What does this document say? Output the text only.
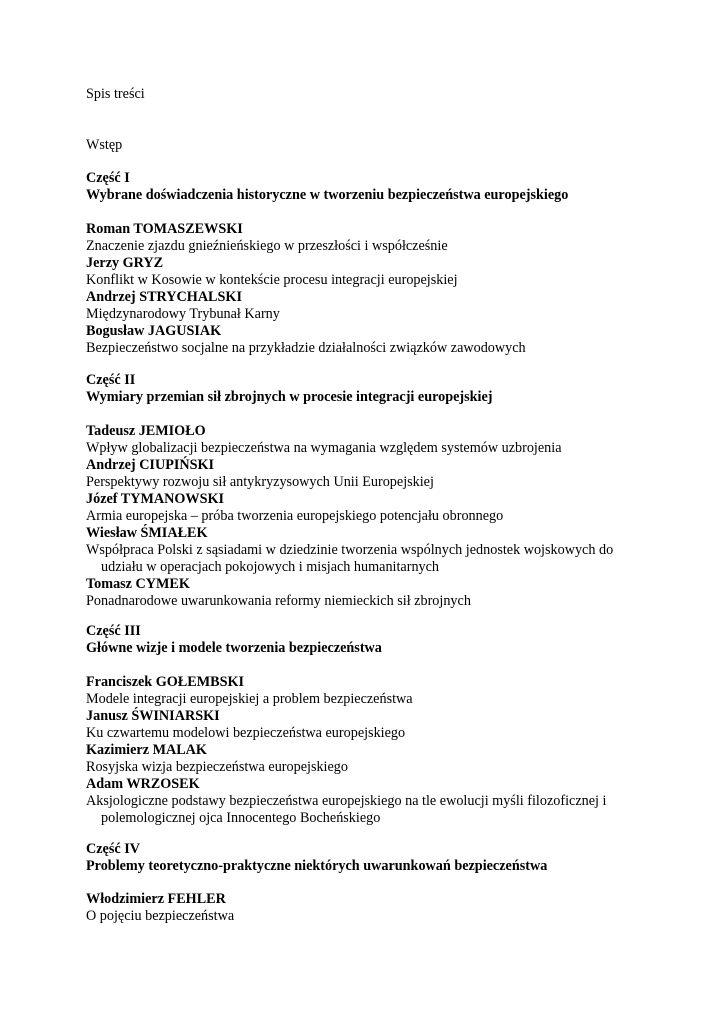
Spis treści
Wstęp
Część I
Wybrane doświadczenia historyczne w tworzeniu bezpieczeństwa europejskiego
Roman TOMASZEWSKI
Znaczenie zjazdu gnieźnieńskiego w przeszłości i współcześnie
Jerzy GRYZ
Konflikt w Kosowie w kontekście procesu integracji europejskiej
Andrzej STRYCHALSKI
Międzynarodowy Trybunał Karny
Bogusław JAGUSIAK
Bezpieczeństwo socjalne na przykładzie działalności związków zawodowych
Część II
Wymiary przemian sił zbrojnych w procesie integracji europejskiej
Tadeusz JEMIOŁO
Wpływ globalizacji bezpieczeństwa na wymagania względem systemów uzbrojenia
Andrzej CIUPIŃSKI
Perspektywy rozwoju sił antykryzysowych Unii Europejskiej
Józef TYMANOWSKI
Armia europejska – próba tworzenia europejskiego potencjału obronnego
Wiesław ŚMIAŁEK
Współpraca Polski z sąsiadami w dziedzinie tworzenia wspólnych jednostek wojskowych do
udziału w operacjach pokojowych i misjach humanitarnych
Tomasz CYMEK
Ponadnarodowe uwarunkowania reformy niemieckich sił zbrojnych
Część III
Główne wizje i modele tworzenia bezpieczeństwa
Franciszek GOŁEMBSKI
Modele integracji europejskiej a problem bezpieczeństwa
Janusz ŚWINIARSKI
Ku czwartemu modelowi bezpieczeństwa europejskiego
Kazimierz MALAK
Rosyjska wizja bezpieczeństwa europejskiego
Adam WRZOSEK
Aksjologiczne podstawy bezpieczeństwa europejskiego na tle ewolucji myśli filozoficznej i
polemologicznej ojca Innocentego Bocheńskiego
Część IV
Problemy teoretyczno-praktyczne niektórych uwarunkowań bezpieczeństwa
Włodzimierz FEHLER
O pojęciu bezpieczeństwa
